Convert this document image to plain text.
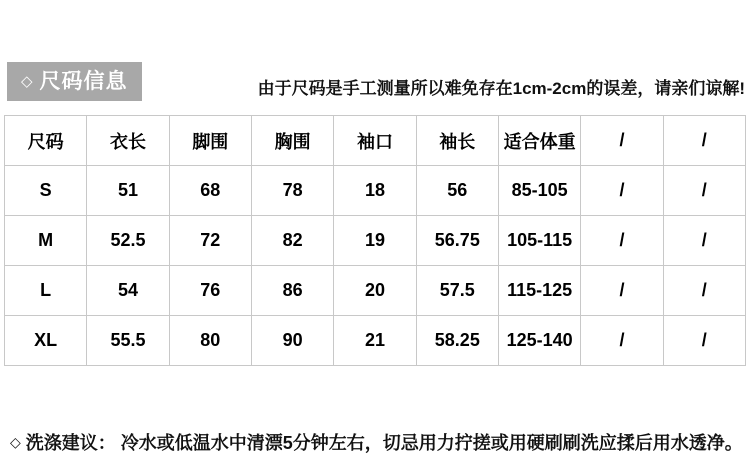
◇ 尺码信息	由于尺码是手工测量所以难免存在1cm-2cm的误差，请亲们谅解!
尺码	衣长	脚围	胸围	袖口	袖长	适合体重	/	/
S	51	68	78	18	56	85-105	/	/
M	52.5	72	82	19	56.75	105-115	/	/
L	54	76	86	20	57.5	115-125	/	/
XL	55.5	80	90	21	58.25	125-140	/	/
◇ 洗涤建议： 冷水或低温水中清漂5分钟左右，切忌用力拧搓或用硬刷刷洗应揉后用水透净。
